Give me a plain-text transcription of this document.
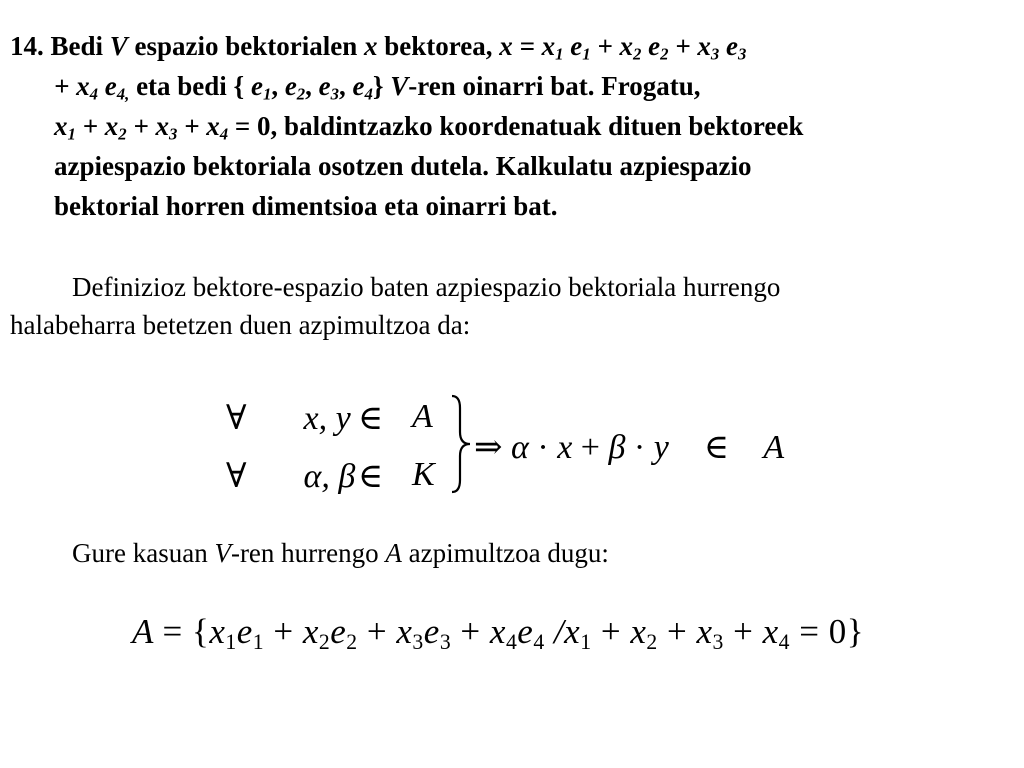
14. Bedi V espazio bektorialen x bektorea, $x = x_1$ $e_1 + x_2$ $e_2 + x_3$ $e_3$
+ $x_4$ $e_{4,}$ eta bedi { $e_1$, $e_2$, $e_3$, $e_4$} V-ren oinarri bat. Frogatu,
$x_1 + x_2 + x_3 + x_4 = 0$, baldintzazko koordenatuak dituen bektoreek
azpiespazio bektoriala osotzen dutela. Kalkulatu azpiespazio
bektorial horren dimentsioa eta oinarri bat.
Definizioz bektore-espazio baten azpiespazio bektoriala hurrengo
halabeharra betetzen duen azpimultzoa da:
∀ x, y ∈ A
∀ α, β ∈ K
⇒ α · x + β · y ∈ A
Gure kasuan V-ren hurrengo A azpimultzoa dugu:
$A = \{x_1e_1 + x_2e_2 + x_3e_3 + x_4e_4$ $/x_1 + x_2 + x_3 + x_4 = 0$}
